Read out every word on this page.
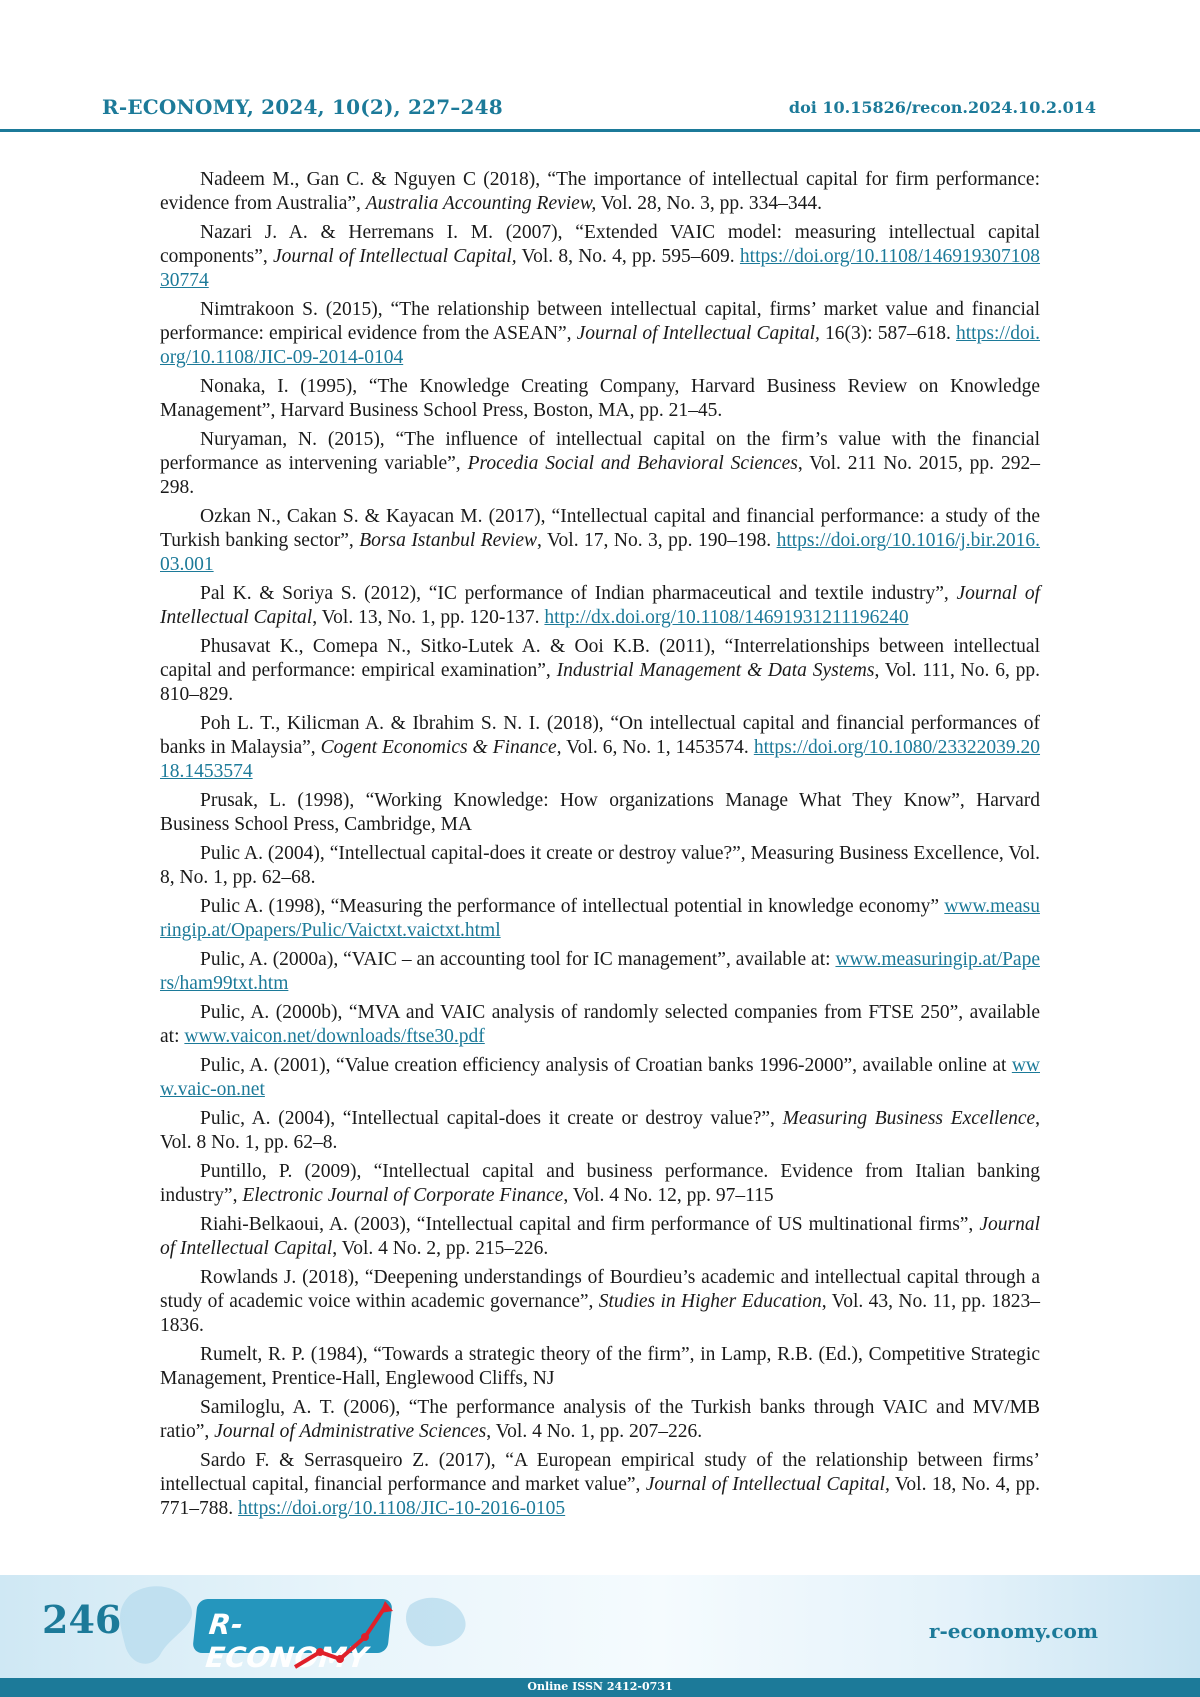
R-ECONOMY, 2024, 10(2), 227–248	doi 10.15826/recon.2024.10.2.014

Nadeem M., Gan C. & Nguyen C (2018), “The importance of intellectual capital for firm performance: evidence from Australia”, Australia Accounting Review, Vol. 28, No. 3, pp. 334–344.

Nazari J. A. & Herremans I. M. (2007), “Extended VAIC model: measuring intellectual capital components”, Journal of Intellectual Capital, Vol. 8, No. 4, pp. 595–609. https://doi.org/10.1108/14691930710830774

Nimtrakoon S. (2015), “The relationship between intellectual capital, firms’ market value and financial performance: empirical evidence from the ASEAN”, Journal of Intellectual Capital, 16(3): 587–618. https://doi.org/10.1108/JIC-09-2014-0104

Nonaka, I. (1995), “The Knowledge Creating Company, Harvard Business Review on Knowledge Management”, Harvard Business School Press, Boston, MA, pp. 21–45.

Nuryaman, N. (2015), “The influence of intellectual capital on the firm’s value with the financial performance as intervening variable”, Procedia Social and Behavioral Sciences, Vol. 211 No. 2015, pp. 292–298.

Ozkan N., Cakan S. & Kayacan M. (2017), “Intellectual capital and financial performance: a study of the Turkish banking sector”, Borsa Istanbul Review, Vol. 17, No. 3, pp. 190–198. https://doi.org/10.1016/j.bir.2016.03.001

Pal K. & Soriya S. (2012), “IC performance of Indian pharmaceutical and textile industry”, Journal of Intellectual Capital, Vol. 13, No. 1, pp. 120-137. http://dx.doi.org/10.1108/14691931211196240

Phusavat K., Comepa N., Sitko-Lutek A. & Ooi K.B. (2011), “Interrelationships between intellectual capital and performance: empirical examination”, Industrial Management & Data Systems, Vol. 111, No. 6, pp. 810–829.

Poh L. T., Kilicman A. & Ibrahim S. N. I. (2018), “On intellectual capital and financial performances of banks in Malaysia”, Cogent Economics & Finance, Vol. 6, No. 1, 1453574. https://doi.org/10.1080/23322039.2018.1453574

Prusak, L. (1998), “Working Knowledge: How organizations Manage What They Know”, Harvard Business School Press, Cambridge, MA

Pulic A. (2004), “Intellectual capital-does it create or destroy value?”, Measuring Business Excellence, Vol. 8, No. 1, pp. 62–68.

Pulic A. (1998), “Measuring the performance of intellectual potential in knowledge economy” www.measuringip.at/Opapers/Pulic/Vaictxt.vaictxt.html

Pulic, A. (2000a), “VAIC – an accounting tool for IC management”, available at: www.measuringip.at/Papers/ham99txt.htm

Pulic, A. (2000b), “MVA and VAIC analysis of randomly selected companies from FTSE 250”, available at: www.vaicon.net/downloads/ftse30.pdf

Pulic, A. (2001), “Value creation efficiency analysis of Croatian banks 1996-2000”, available online at www.vaic-on.net

Pulic, A. (2004), “Intellectual capital-does it create or destroy value?”, Measuring Business Excellence, Vol. 8 No. 1, pp. 62–8.

Puntillo, P. (2009), “Intellectual capital and business performance. Evidence from Italian banking industry”, Electronic Journal of Corporate Finance, Vol. 4 No. 12, pp. 97–115

Riahi-Belkaoui, A. (2003), “Intellectual capital and firm performance of US multinational firms”, Journal of Intellectual Capital, Vol. 4 No. 2, pp. 215–226.

Rowlands J. (2018), “Deepening understandings of Bourdieu’s academic and intellectual capital through a study of academic voice within academic governance”, Studies in Higher Education, Vol. 43, No. 11, pp. 1823–1836.

Rumelt, R. P. (1984), “Towards a strategic theory of the firm”, in Lamp, R.B. (Ed.), Competitive Strategic Management, Prentice-Hall, Englewood Cliffs, NJ

Samiloglu, A. T. (2006), “The performance analysis of the Turkish banks through VAIC and MV/MB ratio”, Journal of Administrative Sciences, Vol. 4 No. 1, pp. 207–226.

Sardo F. & Serrasqueiro Z. (2017), “A European empirical study of the relationship between firms’ intellectual capital, financial performance and market value”, Journal of Intellectual Capital, Vol. 18, No. 4, pp. 771–788. https://doi.org/10.1108/JIC-10-2016-0105

246	R-ECONOMY
r-economy.com
Online ISSN 2412-0731
